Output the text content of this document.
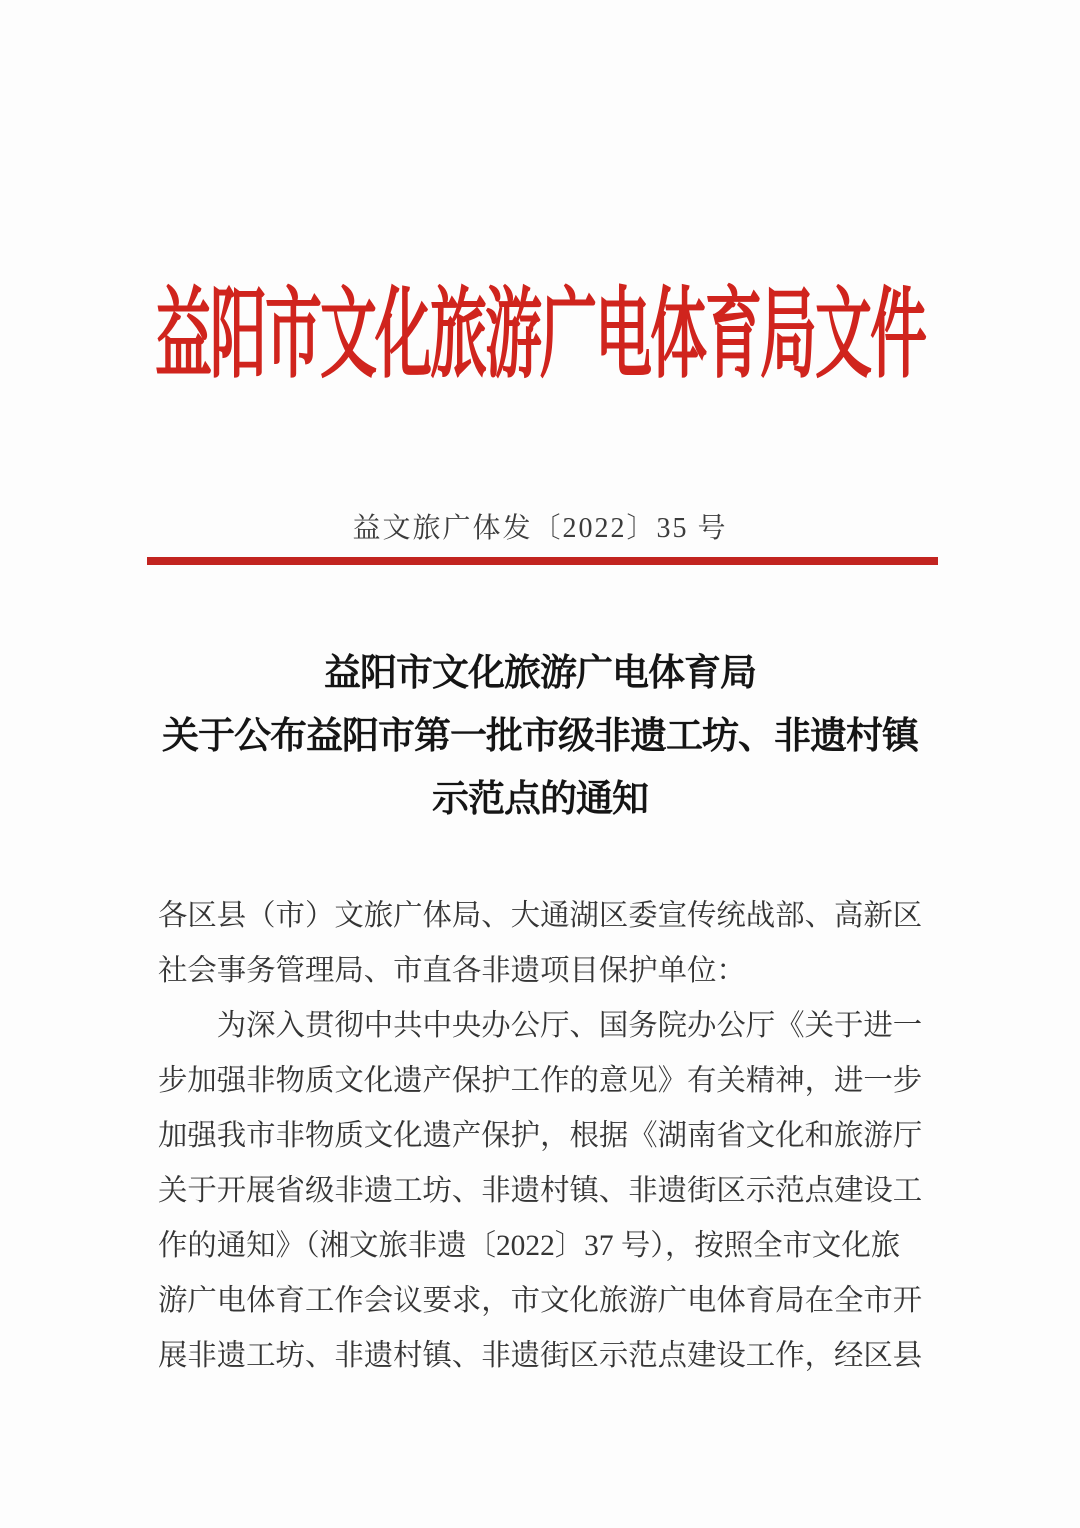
益阳市文化旅游广电体育局文件
益文旅广体发〔2022〕35 号
益阳市文化旅游广电体育局
关于公布益阳市第一批市级非遗工坊、非遗村镇
示范点的通知
各区县（市）文旅广体局、大通湖区委宣传统战部、高新区
社会事务管理局、市直各非遗项目保护单位：
　　为深入贯彻中共中央办公厅、国务院办公厅《关于进一
步加强非物质文化遗产保护工作的意见》有关精神，进一步
加强我市非物质文化遗产保护，根据《湖南省文化和旅游厅
关于开展省级非遗工坊、非遗村镇、非遗街区示范点建设工
作的通知》（湘文旅非遗〔2022〕37 号），按照全市文化旅
游广电体育工作会议要求，市文化旅游广电体育局在全市开
展非遗工坊、非遗村镇、非遗街区示范点建设工作，经区县
